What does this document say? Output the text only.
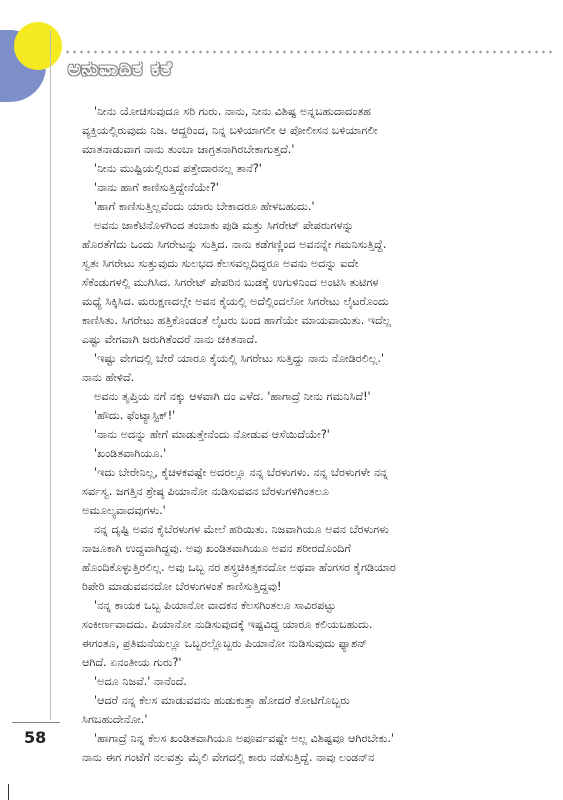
ಅನುವಾದಿತ ಕತೆ
'ನೀನು ಯೋಚಿಸುವುದೂ ಸರಿ ಗುರು. ನಾನು, ನೀನು ವಿಶಿಷ್ಟ ಅನ್ನಬಹುದಾದಂತಹ
ವ್ಯಕ್ತಿಯಲ್ಲಿರುವುದು ನಿಜ. ಆದ್ದರಿಂದ, ನಿನ್ನ ಬಳಿಯಾಗಲೀ ಆ ಪೋಲೀಸನ ಬಳಿಯಾಗಲೀ
ಮಾತನಾಡುವಾಗ ನಾನು ತುಂಬಾ ಜಾಗ್ರತನಾಗಿರಬೇಕಾಗುತ್ತದೆ.'
'ನೀನು ಮುಷ್ಟಿಯಲ್ಲಿರುವ ಪತ್ತೇದಾರನಲ್ಲ ತಾನೆ?'
'ನಾನು ಹಾಗೆ ಕಾಣಿಸುತ್ತಿದ್ದೇನೆಯೇ?'
'ಹಾಗೆ ಕಾಣಿಸುತ್ತಿಲ್ಲವೆಂದು ಯಾರು ಬೇಕಾದರೂ ಹೇಳಬಹುದು.'
ಅವನು ಜಾಕೆಟಿನೊಳಗಿಂದ ತಂಬಾಕು ಪುಡಿ ಮತ್ತು ಸಿಗರೇಟ್ ಪೇಪರುಗಳನ್ನು
ಹೊರತೆಗೆದು ಒಂದು ಸಿಗರೇಟನ್ನು ಸುತ್ತಿದ. ನಾನು ಕಡೆಗಣ್ಣಿಂದ ಅವನನ್ನೇ ಗಮನಿಸುತ್ತಿದ್ದೆ.
ಸ್ವತಃ ಸಿಗರೇಟು ಸುತ್ತುವುದು ಸುಲಭದ ಕೆಲಸವಲ್ಲದಿದ್ದರೂ ಅವನು ಅದನ್ನು ಐದೇ
ಸೆಕೆಂಡುಗಳಲ್ಲಿ ಮುಗಿಸಿದ. ಸಿಗರೇಟ್ ಪೇಪರಿನ ಬುಡಕ್ಕೆ ಉಗುಳಿನಿಂದ ಅಂಟಿಸಿ ತುಟಿಗಳ
ಮಧ್ಯೆ ಸಿಕ್ಕಿಸಿದ. ಮರುಕ್ಷಣದಲ್ಲೇ ಅವನ ಕೈಯಲ್ಲಿ ಅದೆಲ್ಲಿಂದಲೋ ಸಿಗರೇಟು ಲೈಟರೊಂದು
ಕಾಣಿಸಿತು. ಸಿಗರೇಟು ಹತ್ತಿಕೊಂಡಂತೆ ಲೈಟರು ಬಂದ ಹಾಗೆಯೇ ಮಾಯವಾಯಿತು. ಇದೆಲ್ಲ
ಎಷ್ಟು ವೇಗವಾಗಿ ಜರುಗಿತೆಂದರೆ ನಾನು ಚಕಿತನಾದೆ.
'ಇಷ್ಟು ವೇಗದಲ್ಲಿ ಬೇರೆ ಯಾರೂ ಕೈಯಲ್ಲಿ ಸಿಗರೇಟು ಸುತ್ತಿದ್ದು ನಾನು ನೋಡಿರಲಿಲ್ಲ.'
ನಾನು ಹೇಳಿದೆ.
ಅವನು ತೃಪ್ತಿಯ ನಗೆ ನಕ್ಕು ಆಳವಾಗಿ ದಂ ಎಳೆದ. 'ಹಾಗಾದ್ರೆ ನೀನು ಗಮನಿಸಿದೆ!'
'ಹೌದು. ಫೆಂಟ್ಯಾಸ್ಟಿಕ್!'
'ನಾನು ಅದನ್ನು ಹೇಗೆ ಮಾಡುತ್ತೇನೆಂದು ನೋಡುವ ಆಸೆಯಿದೆಯೇ?'
'ಖಂಡಿತವಾಗಿಯೂ.'
'ಇದು ಬೇರೇನಿಲ್ಲ, ಕೈಚಳಕವಷ್ಟೇ ಅದರಲ್ಲೂ ನನ್ನ ಬೆರಳುಗಳು. ನನ್ನ ಬೆರಳುಗಳೇ ನನ್ನ
ಸರ್ವಸ್ವ. ಜಗತ್ತಿನ ಶ್ರೇಷ್ಠ ಪಿಯಾನೋ ನುಡಿಸುವವನ ಬೆರಳುಗಳಿಗಿಂತಲೂ
ಅಮೂಲ್ಯವಾದವುಗಳು.'
ನನ್ನ ದೃಷ್ಟಿ ಅವನ ಕೈಬೆರಳುಗಳ ಮೇಲೆ ಹರಿಯಿತು. ನಿಜವಾಗಿಯೂ ಅವನ ಬೆರಳುಗಳು
ನಾಜೂಕಾಗಿ ಉದ್ದವಾಗಿದ್ದವು. ಅವು ಖಂಡಿತವಾಗಿಯೂ ಅವನ ಶರೀರದೊಂದಿಗೆ
ಹೊಂದಿಕೊಳ್ಳುತ್ತಿರಲಿಲ್ಲ. ಅವು ಒಬ್ಬ ನರ ಶಸ್ತ್ರಚಿಕಿತ್ಸಕನದೋ ಅಥವಾ ಹೆಂಗಸರ ಕೈಗಡಿಯಾರ
ರಿಪೇರಿ ಮಾಡುವವನದೋ ಬೆರಳುಗಳಂತೆ ಕಾಣಿಸುತ್ತಿದ್ದವು!
'ನನ್ನ ಕಾಯಕ ಒಬ್ಬ ಪಿಯಾನೋ ವಾದಕನ ಕೆಲಸಗಿಂತಲೂ ಸಾವಿರಪಟ್ಟು
ಸಂಕೀರ್ಣವಾದದು. ಪಿಯಾನೋ ನುಡಿಸುವುದಕ್ಕೆ ಇಷ್ಟವಿದ್ದ ಯಾರೂ ಕಲಿಯಬಹುದು.
ಈಗಂತೂ, ಪ್ರತಿಮನೆಯಲ್ಲೂ ಒಬ್ಬರಲ್ಲೊಬ್ಬರು ಪಿಯಾನೋ ನುಡಿಸುವುದು ಫ್ಯಾಶನ್
ಆಗಿದೆ. ಏನಂತೀಯ ಗುರು?'
'ಅದೂ ನಿಜವೆ.' ನಾನೆಂದೆ.
'ಆದರೆ ನನ್ನ ಕೆಲಸ ಮಾಡುವವನು ಹುಡುಕುತ್ತಾ ಹೋದರೆ ಕೋಟಿಗೊಬ್ಬರು
ಸಿಗಬಹುದೇನೋ.'
'ಹಾಗಾದ್ರೆ ನಿನ್ನ ಕೆಲಸ ಖಂಡಿತವಾಗಿಯೂ ಅಪೂರ್ವವಷ್ಟೇ ಅಲ್ಲ ವಿಶಿಷ್ಟವೂ ಆಗಿರಬೇಕು.'
ನಾನು ಈಗ ಗಂಟೆಗೆ ನಲವತ್ತು ಮೈಲಿ ವೇಗದಲ್ಲಿ ಕಾರು ನಡೆಸುತ್ತಿದ್ದೆ. ನಾವು ಲಂಡನ್‌ನ
58
